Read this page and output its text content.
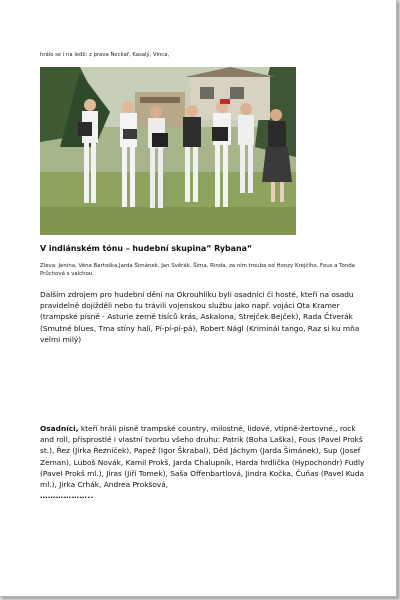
hrálo se i na ledě: z prava Neckař, Kasalý, Vinca,
V indiánském tónu – hudební skupina“ Rybana“
Zleva: Jenina, Véna Bartoška,Jarda Šimánek, Jan Svěrák, Šima, Rinda, za ním trouba od Honzy Krejčího, Fous a Tonda Průchová s valchou.
Dalším zdrojem pro hudební dění na Okrouhlíku byli osadníci či hosté, kteří na osadu pravidelně dojížděli nebo tu trávili vojenskou službu jako např. vojáci Ota Kramer (trampské písně - Asturie země tisíců krás, Askalona, Strejček Bejček), Rada Čtverák (Smutné blues, Tma stíny halí, Pí-pí-pí-pá), Robert Nágl (Kriminál tango, Raz si ku mňa velmi milý)
Osadníci, kteří hráli písně trampské country, milostné, lidové, vtipně-žertovné., rock and roll, přisprostlé i vlastní tvorbu všeho druhu: Patrik (Boha Laška), Fous (Pavel Prokš st.), Řez (Jirka Řezníček), Papež (Igor Škrabal), Děd Jáchym (Jarda Šimánek), Sup (Josef Zeman), Luboš Novák, Kamil Prokš, Jarda Chalupník, Harda hrdlička (Hypochondr) Fudly (Pavel Prokš ml.), Jiras (Jiří Tomek), Saša Offenbartlová, Jindra Kočka, Čuňas (Pavel Kuda ml.), Jirka Crhák, Andrea Prokšová,
………………..
